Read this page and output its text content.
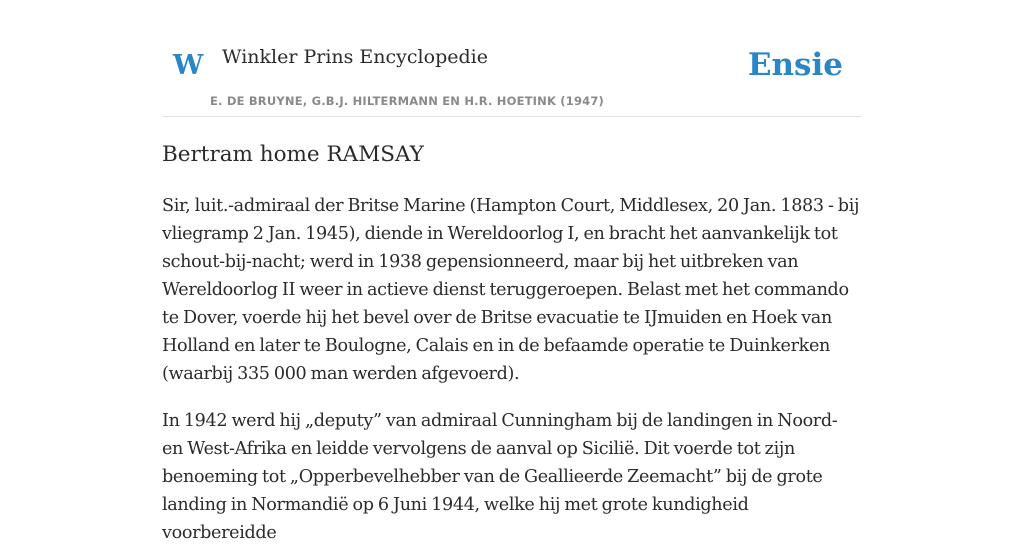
W Winkler Prins Encyclopedie
E. DE BRUYNE, G.B.J. HILTERMANN EN H.R. HOETINK (1947)
Ensie
Bertram home RAMSAY

Sir, luit.-admiraal der Britse Marine (Hampton Court, Middlesex, 20 Jan. 1883 - bij vliegramp 2 Jan. 1945), diende in Wereldoorlog I, en bracht het aanvankelijk tot schout-bij-nacht; werd in 1938 gepensionneerd, maar bij het uitbreken van Wereldoorlog II weer in actieve dienst teruggeroepen. Belast met het commando te Dover, voerde hij het bevel over de Britse evacuatie te IJmuiden en Hoek van Holland en later te Boulogne, Calais en in de befaamde operatie te Duinkerken (waarbij 335 000 man werden afgevoerd).

In 1942 werd hij „deputy” van admiraal Cunningham bij de landingen in Noord- en West-Afrika en leidde vervolgens de aanval op Sicilië. Dit voerde tot zijn benoeming tot „Opperbevelhebber van de Geallieerde Zeemacht” bij de grote landing in Normandië op 6 Juni 1944, welke hij met grote kundigheid voorbereidde
